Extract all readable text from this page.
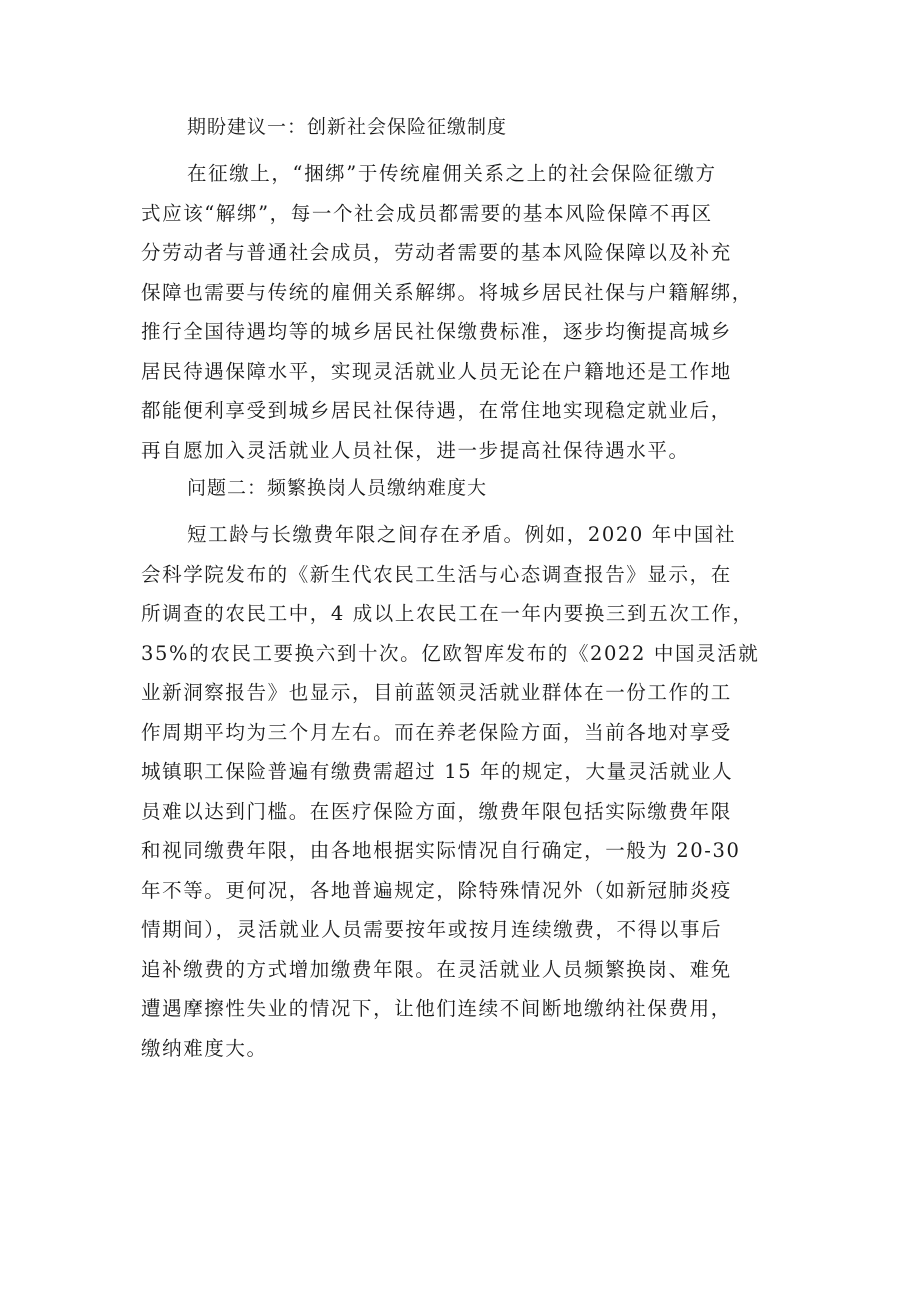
期盼建议一：创新社会保险征缴制度
在征缴上，“捆绑”于传统雇佣关系之上的社会保险征缴方
式应该“解绑”，每一个社会成员都需要的基本风险保障不再区
分劳动者与普通社会成员，劳动者需要的基本风险保障以及补充
保障也需要与传统的雇佣关系解绑。将城乡居民社保与户籍解绑，
推行全国待遇均等的城乡居民社保缴费标准，逐步均衡提高城乡
居民待遇保障水平，实现灵活就业人员无论在户籍地还是工作地
都能便利享受到城乡居民社保待遇，在常住地实现稳定就业后，
再自愿加入灵活就业人员社保，进一步提高社保待遇水平。
问题二：频繁换岗人员缴纳难度大
短工龄与长缴费年限之间存在矛盾。例如，2020 年中国社
会科学院发布的《新生代农民工生活与心态调查报告》显示，在
所调查的农民工中，4 成以上农民工在一年内要换三到五次工作，
35%的农民工要换六到十次。亿欧智库发布的《2022 中国灵活就
业新洞察报告》也显示，目前蓝领灵活就业群体在一份工作的工
作周期平均为三个月左右。而在养老保险方面，当前各地对享受
城镇职工保险普遍有缴费需超过 15 年的规定，大量灵活就业人
员难以达到门槛。在医疗保险方面，缴费年限包括实际缴费年限
和视同缴费年限，由各地根据实际情况自行确定，一般为 20-30
年不等。更何况，各地普遍规定，除特殊情况外（如新冠肺炎疫
情期间），灵活就业人员需要按年或按月连续缴费，不得以事后
追补缴费的方式增加缴费年限。在灵活就业人员频繁换岗、难免
遭遇摩擦性失业的情况下，让他们连续不间断地缴纳社保费用，
缴纳难度大。
